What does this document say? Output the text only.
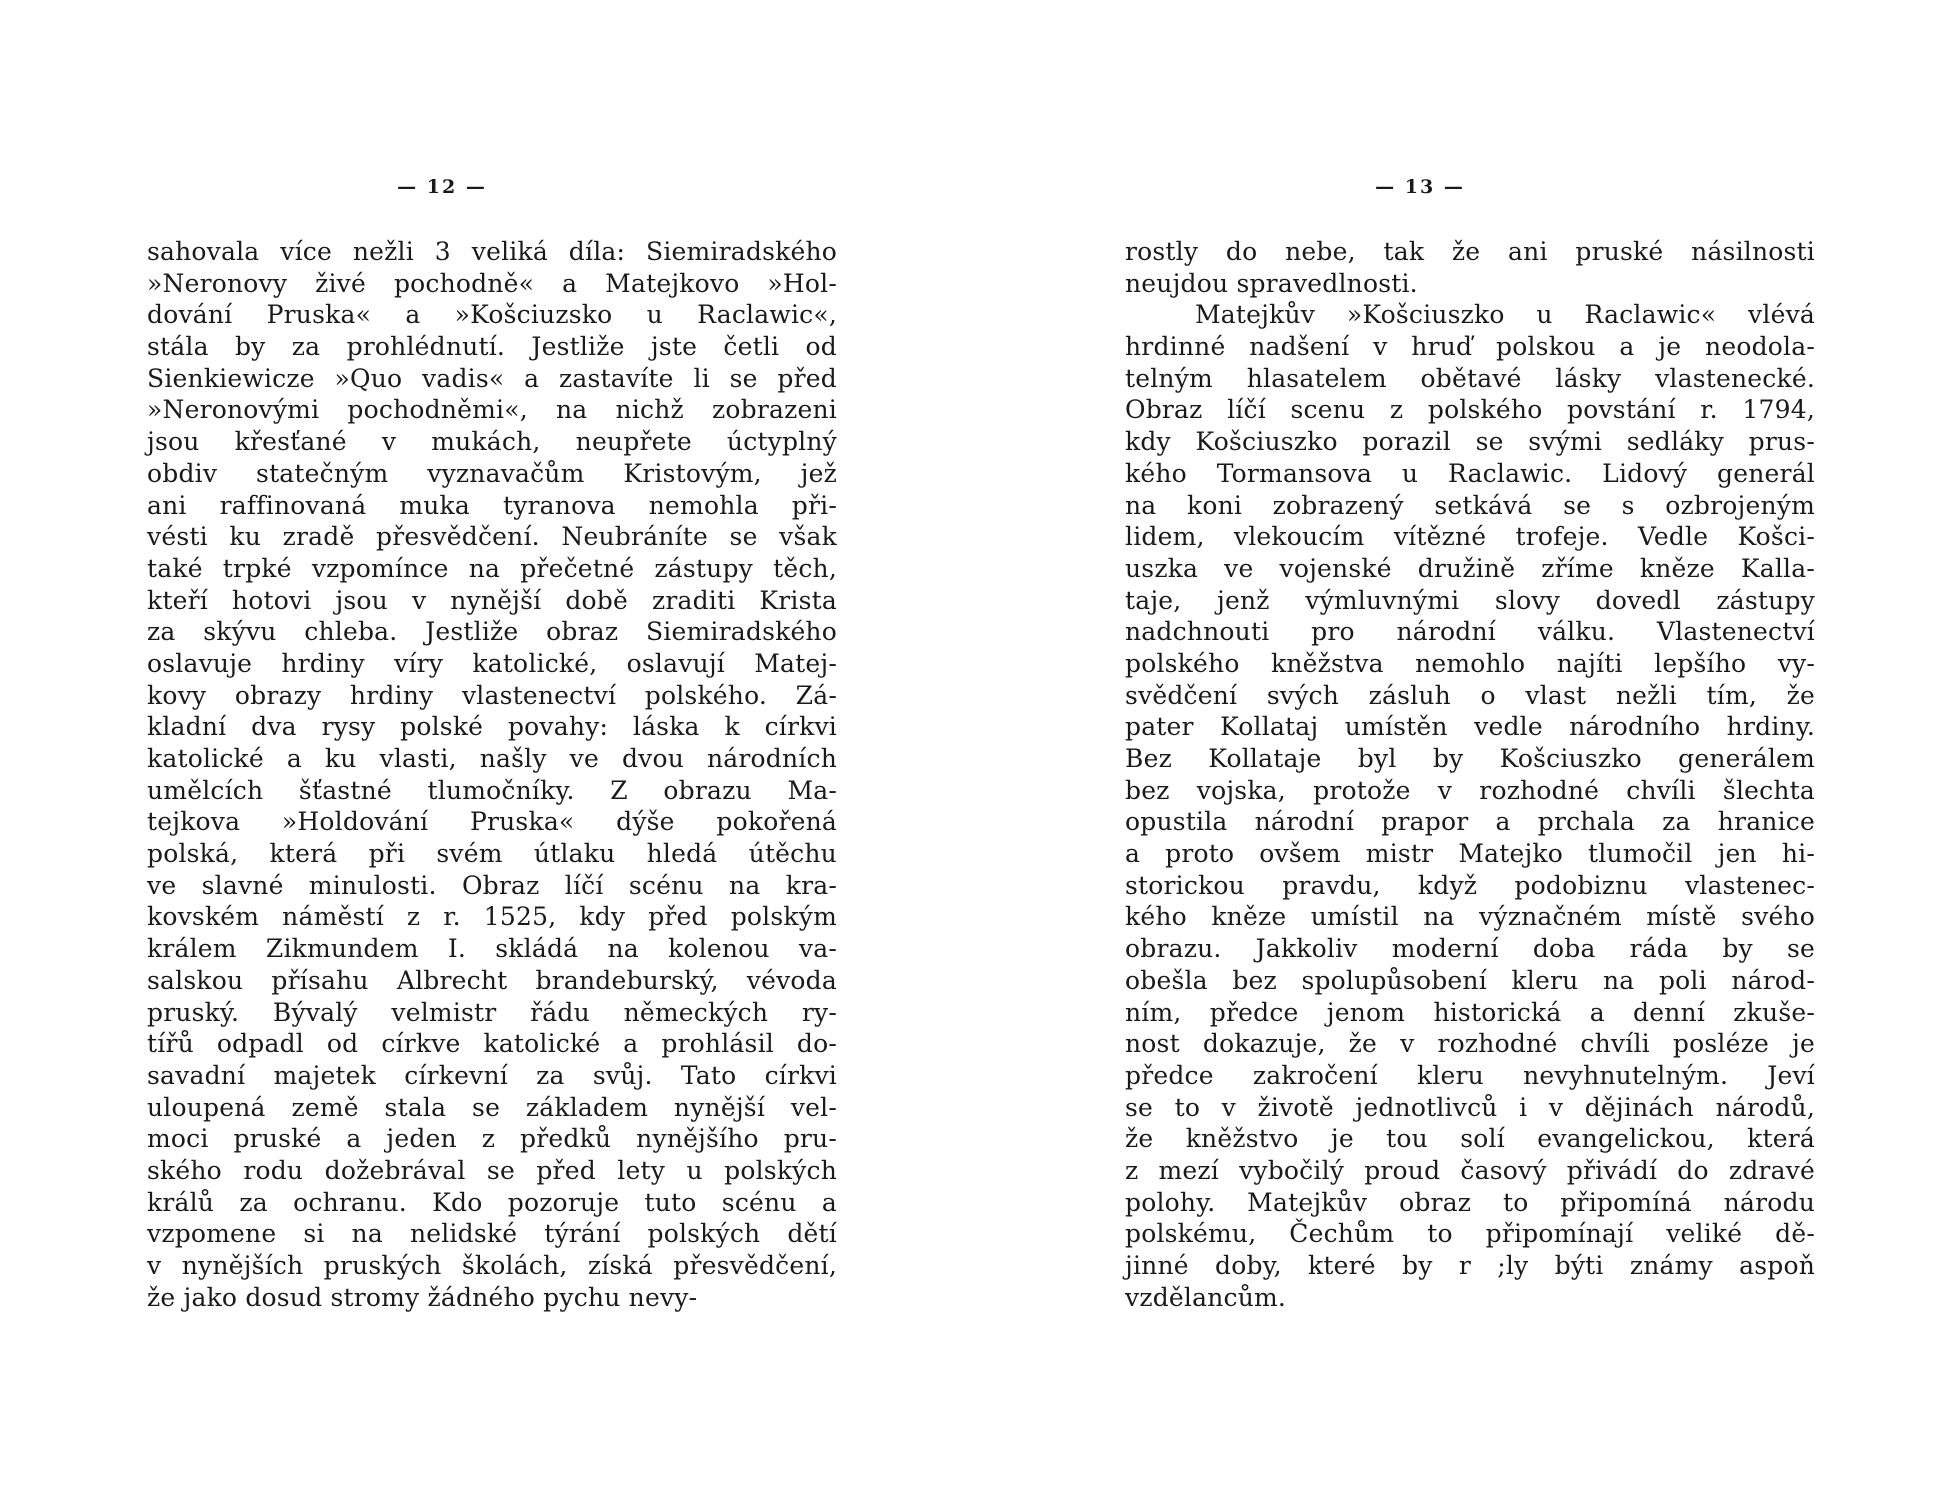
— 12 —
sahovala více nežli 3 veliká díla: Siemiradského
»Neronovy živé pochodně« a Matejkovo »Hol-
dování Pruska« a »Košciuzsko u Raclawic«,
stála by za prohlédnutí. Jestliže jste četli od
Sienkiewicze »Quo vadis« a zastavíte li se před
»Neronovými pochodněmi«, na nichž zobrazeni
jsou křesťané v mukách, neupřete úctyplný
obdiv statečným vyznavačům Kristovým, jež
ani raffinovaná muka tyranova nemohla při-
vésti ku zradě přesvědčení. Neubráníte se však
také trpké vzpomínce na přečetné zástupy těch,
kteří hotovi jsou v nynější době zraditi Krista
za skývu chleba. Jestliže obraz Siemiradského
oslavuje hrdiny víry katolické, oslavují Matej-
kovy obrazy hrdiny vlastenectví polského. Zá-
kladní dva rysy polské povahy: láska k církvi
katolické a ku vlasti, našly ve dvou národních
umělcích šťastné tlumočníky. Z obrazu Ma-
tejkova »Holdování Pruska« dýše pokořená
polská, která při svém útlaku hledá útěchu
ve slavné minulosti. Obraz líčí scénu na kra-
kovském náměstí z r. 1525, kdy před polským
králem Zikmundem I. skládá na kolenou va-
salskou přísahu Albrecht brandeburský, vévoda
pruský. Bývalý velmistr řádu německých ry-
tířů odpadl od církve katolické a prohlásil do-
savadní majetek církevní za svůj. Tato církvi
uloupená země stala se základem nynější vel-
moci pruské a jeden z předků nynějšího pru-
ského rodu dožebrával se před lety u polských
králů za ochranu. Kdo pozoruje tuto scénu a
vzpomene si na nelidské týrání polských dětí
v nynějších pruských školách, získá přesvědčení,
že jako dosud stromy žádného pychu nevy-
— 13 —
rostly do nebe, tak že ani pruské násilnosti
neujdou spravedlnosti.
Matejkův »Košciuszko u Raclawic« vlévá
hrdinné nadšení v hruď polskou a je neodola-
telným hlasatelem obětavé lásky vlastenecké.
Obraz líčí scenu z polského povstání r. 1794,
kdy Košciuszko porazil se svými sedláky prus-
kého Tormansova u Raclawic. Lidový generál
na koni zobrazený setkává se s ozbrojeným
lidem, vlekoucím vítězné trofeje. Vedle Košci-
uszka ve vojenské družině zříme kněze Kalla-
taje, jenž výmluvnými slovy dovedl zástupy
nadchnouti pro národní válku. Vlastenectví
polského kněžstva nemohlo najíti lepšího vy-
svědčení svých zásluh o vlast nežli tím, že
pater Kollataj umístěn vedle národního hrdiny.
Bez Kollataje byl by Košciuszko generálem
bez vojska, protože v rozhodné chvíli šlechta
opustila národní prapor a prchala za hranice
a proto ovšem mistr Matejko tlumočil jen hi-
storickou pravdu, když podobiznu vlastenec-
kého kněze umístil na význačném místě svého
obrazu. Jakkoliv moderní doba ráda by se
obešla bez spolupůsobení kleru na poli národ-
ním, předce jenom historická a denní zkuše-
nost dokazuje, že v rozhodné chvíli posléze je
předce zakročení kleru nevyhnutelným. Jeví
se to v životě jednotlivců i v dějinách národů,
že kněžstvo je tou solí evangelickou, která
z mezí vybočilý proud časový přivádí do zdravé
polohy. Matejkův obraz to připomíná národu
polskému, Čechům to připomínají veliké dě-
jinné doby, které by r ;ly býti známy aspoň
vzdělancům.
